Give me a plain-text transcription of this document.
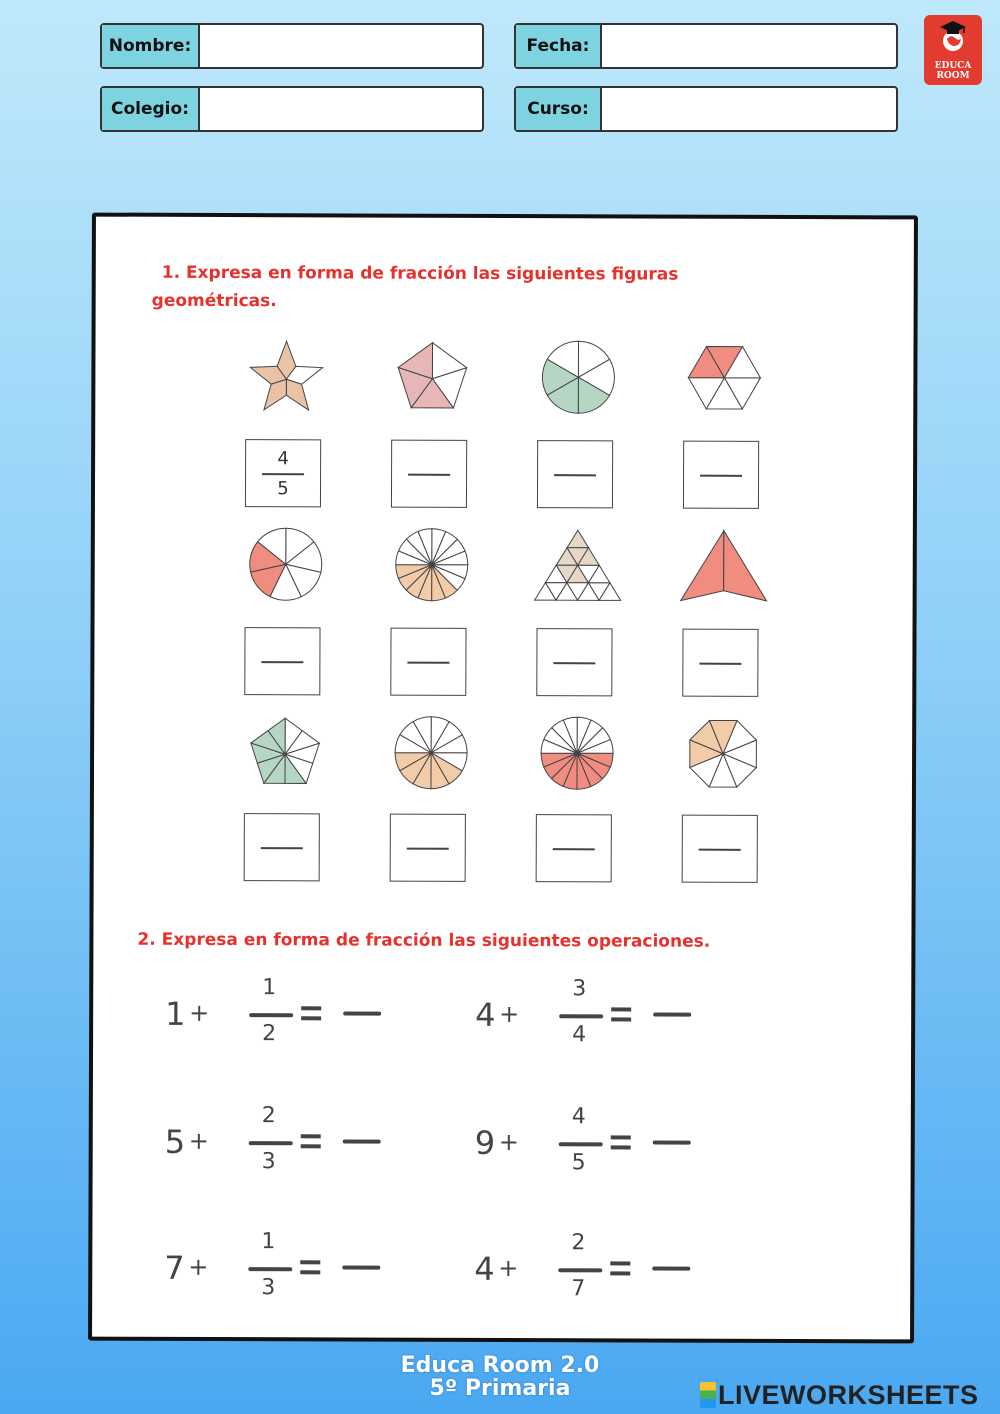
Nombre:	Fecha:
Colegio:	Curso:
EDUCA
ROOM
1. Expresa en forma de fracción las siguientes figuras
geométricas.
4
5
2. Expresa en forma de fracción las siguientes operaciones.
1 +
1
2	4 +
3
4
5 +
2
3	9 +
4
5
7 +
1
3	4 +
2
7
Educa Room 2.0
5º Primaria	LIVEWORKSHEETS
